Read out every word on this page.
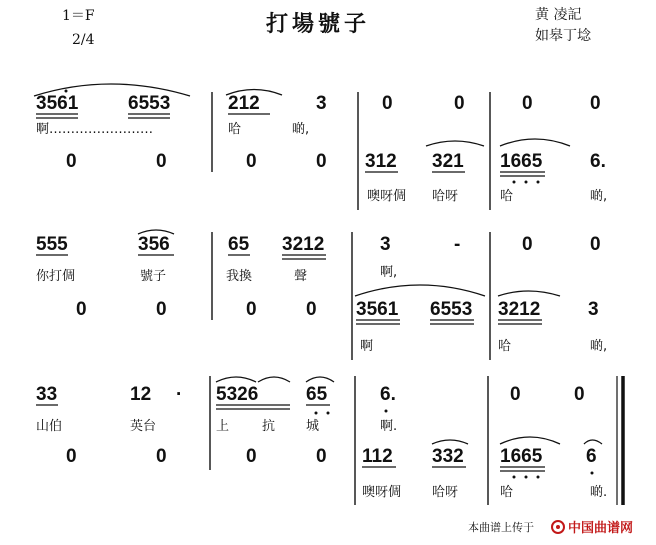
1＝F
2/4
打場號子	黄 凌記
如皋丁埝
3561	6553
啊……………………
212	3
哈	啲,
0	0	0	0
0	0	0	0 312 321
噢呀倜 哈呀
1665	6.
哈	啲,
555	356
你打倜	號子
65 3212
我換	聲
3	-
啊,
0	0
0	0	0	0 3561 6553
啊
3212	3
哈	啲,
33	12 ·
山伯	英台
5326	65
上	抗 城
6.
啊.
0	0
0	0	0	0 112 332
噢呀倜 哈呀
1665 6
哈	啲.
本曲谱上传于	中国曲谱网
